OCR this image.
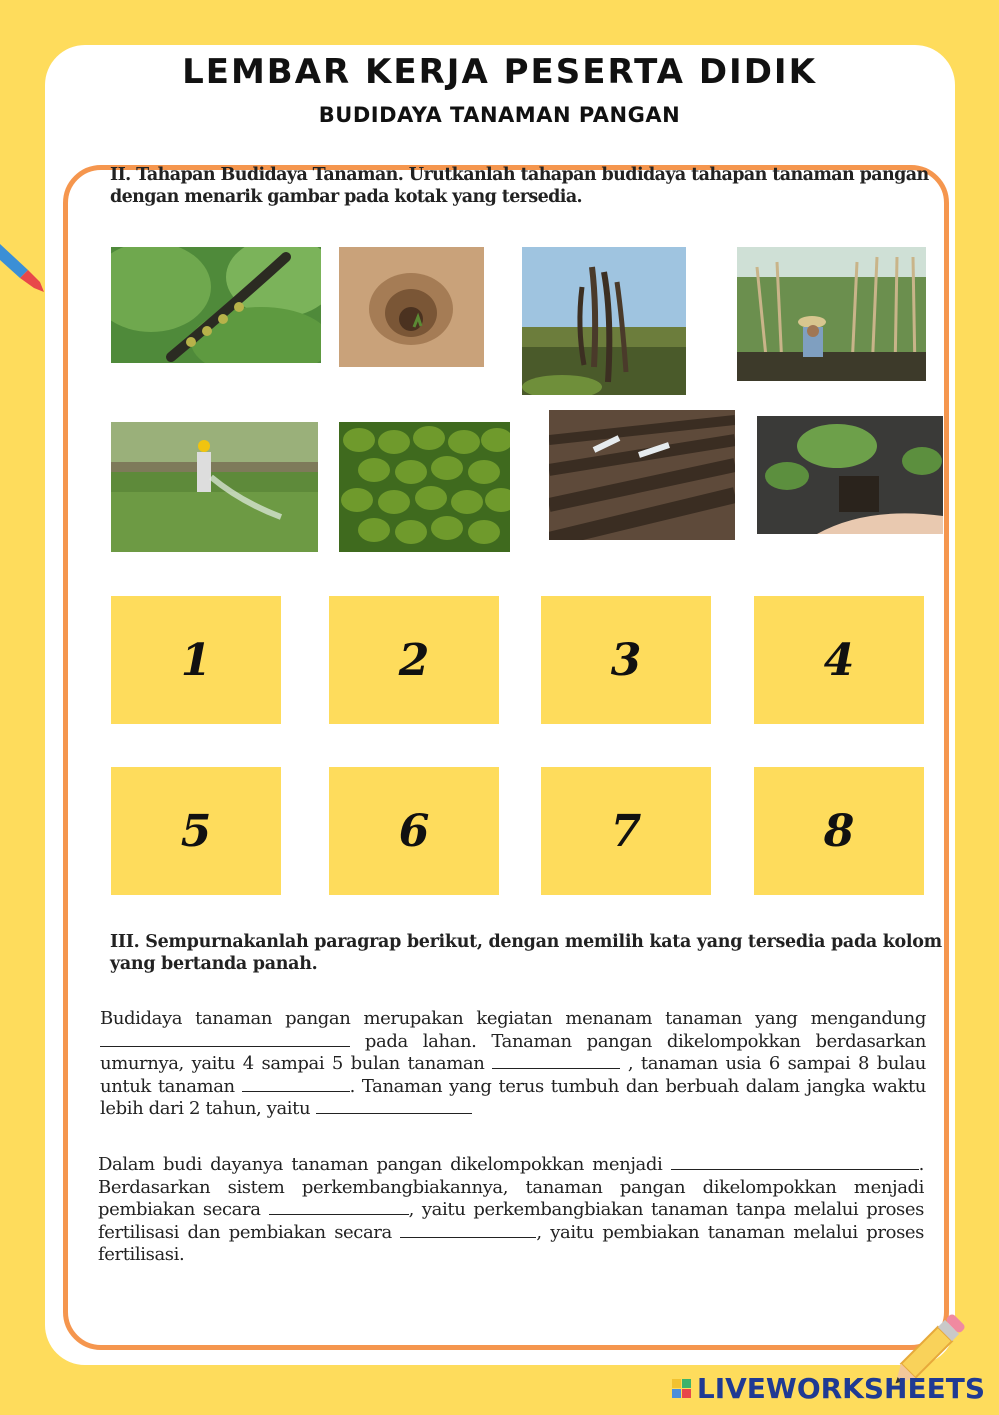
LEMBAR KERJA PESERTA DIDIK
BUDIDAYA TANAMAN PANGAN

II. Tahapan Budidaya Tanaman. Urutkanlah tahapan budidaya tahapan tanaman pangan dengan menarik gambar pada kotak yang tersedia.

1	2	3	4
5	6	7	8

III. Sempurnakanlah paragrap berikut, dengan memilih kata yang tersedia pada kolom yang bertanda panah.

Budidaya tanaman pangan merupakan kegiatan menanam tanaman yang mengandung  pada lahan. Tanaman pangan dikelompokkan berdasarkan umurnya, yaitu 4 sampai 5 bulan tanaman	, tanaman usia 6 sampai 8 bulau untuk tanaman	. Tanaman yang terus tumbuh dan berbuah dalam jangka waktu lebih dari 2 tahun, yaitu

Dalam budi dayanya tanaman pangan dikelompokkan menjadi	. Berdasarkan sistem perkembangbiakannya, tanaman pangan dikelompokkan menjadi pembiakan secara	, yaitu perkembangbiakan tanaman tanpa melalui proses fertilisasi dan pembiakan secara	, yaitu pembiakan tanaman melalui proses fertilisasi.

LIVEWORKSHEETS
